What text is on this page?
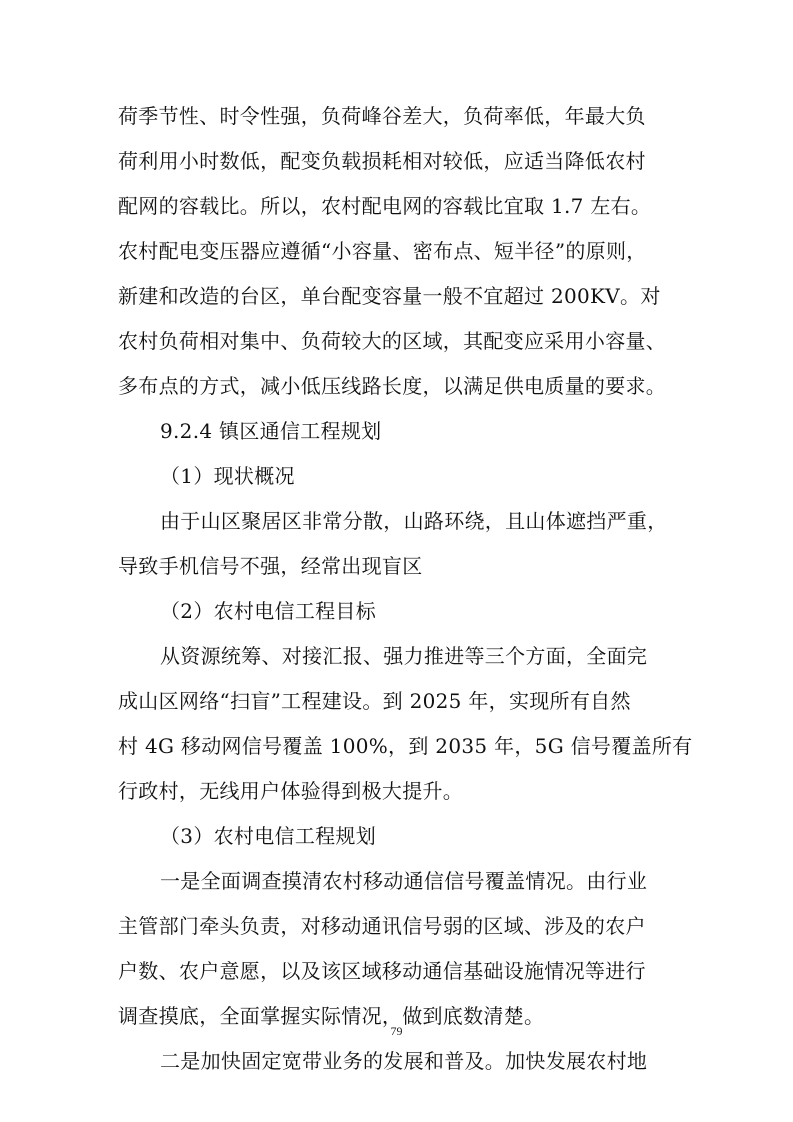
荷季节性、时令性强，负荷峰谷差大，负荷率低，年最大负
荷利用小时数低，配变负载损耗相对较低，应适当降低农村
配网的容载比。所以，农村配电网的容载比宜取 1.7 左右。
农村配电变压器应遵循“小容量、密布点、短半径”的原则，
新建和改造的台区，单台配变容量一般不宜超过 200KV。对
农村负荷相对集中、负荷较大的区域，其配变应采用小容量、
多布点的方式，减小低压线路长度，以满足供电质量的要求。
9.2.4 镇区通信工程规划
（1）现状概况
由于山区聚居区非常分散，山路环绕，且山体遮挡严重，
导致手机信号不强，经常出现盲区
（2）农村电信工程目标
从资源统筹、对接汇报、强力推进等三个方面，全面完
成山区网络“扫盲”工程建设。到 2025 年，实现所有自然
村 4G 移动网信号覆盖 100%，到 2035 年，5G 信号覆盖所有
行政村，无线用户体验得到极大提升。
（3）农村电信工程规划
一是全面调查摸清农村移动通信信号覆盖情况。由行业
主管部门牵头负责，对移动通讯信号弱的区域、涉及的农户
户数、农户意愿，以及该区域移动通信基础设施情况等进行
调查摸底，全面掌握实际情况，做到底数清楚。
二是加快固定宽带业务的发展和普及。加快发展农村地
79
